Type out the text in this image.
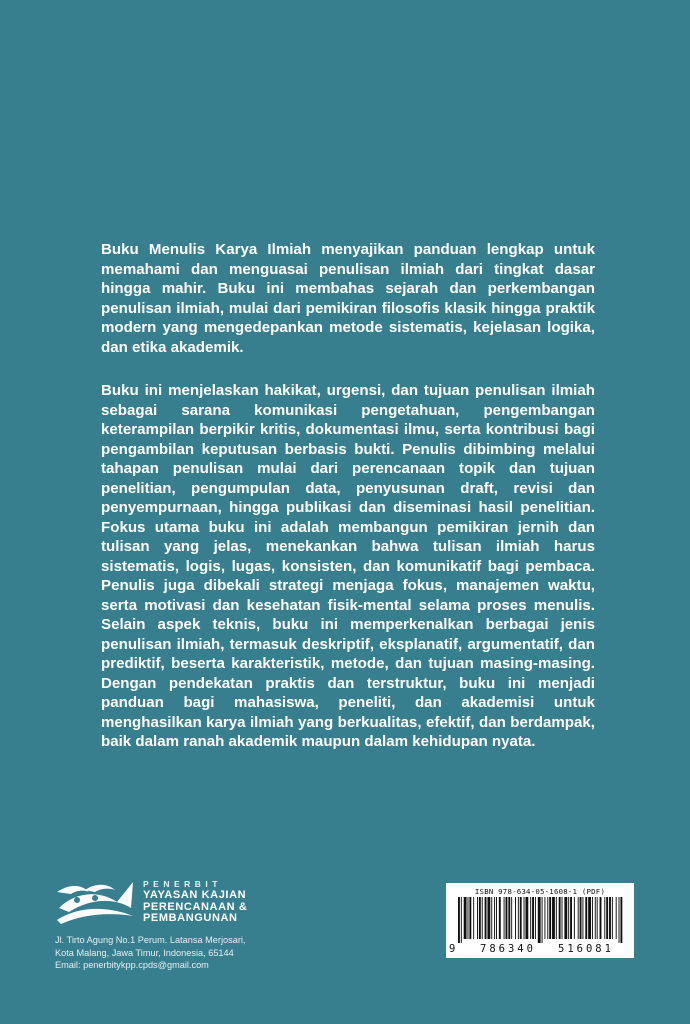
Buku Menulis Karya Ilmiah menyajikan panduan lengkap untuk memahami dan menguasai penulisan ilmiah dari tingkat dasar hingga mahir. Buku ini membahas sejarah dan perkembangan penulisan ilmiah, mulai dari pemikiran filosofis klasik hingga praktik modern yang mengedepankan metode sistematis, kejelasan logika, dan etika akademik.

Buku ini menjelaskan hakikat, urgensi, dan tujuan penulisan ilmiah sebagai sarana komunikasi pengetahuan, pengembangan keterampilan berpikir kritis, dokumentasi ilmu, serta kontribusi bagi pengambilan keputusan berbasis bukti. Penulis dibimbing melalui tahapan penulisan mulai dari perencanaan topik dan tujuan penelitian, pengumpulan data, penyusunan draft, revisi dan penyempurnaan, hingga publikasi dan diseminasi hasil penelitian. Fokus utama buku ini adalah membangun pemikiran jernih dan tulisan yang jelas, menekankan bahwa tulisan ilmiah harus sistematis, logis, lugas, konsisten, dan komunikatif bagi pembaca. Penulis juga dibekali strategi menjaga fokus, manajemen waktu, serta motivasi dan kesehatan fisik-mental selama proses menulis. Selain aspek teknis, buku ini memperkenalkan berbagai jenis penulisan ilmiah, termasuk deskriptif, eksplanatif, argumentatif, dan prediktif, beserta karakteristik, metode, dan tujuan masing-masing. Dengan pendekatan praktis dan terstruktur, buku ini menjadi panduan bagi mahasiswa, peneliti, dan akademisi untuk menghasilkan karya ilmiah yang berkualitas, efektif, dan berdampak, baik dalam ranah akademik maupun dalam kehidupan nyata.

PENERBIT
YAYASAN KAJIAN
PERENCANAAN &
PEMBANGUNAN
Jl. Tirto Agung No.1 Perum. Latansa Merjosari,
Kota Malang, Jawa Timur, Indonesia, 65144
Email: penerbitykpp.cpds@gmail.com
ISBN 978-634-05-1608-1 (PDF)
9 786340 516081
